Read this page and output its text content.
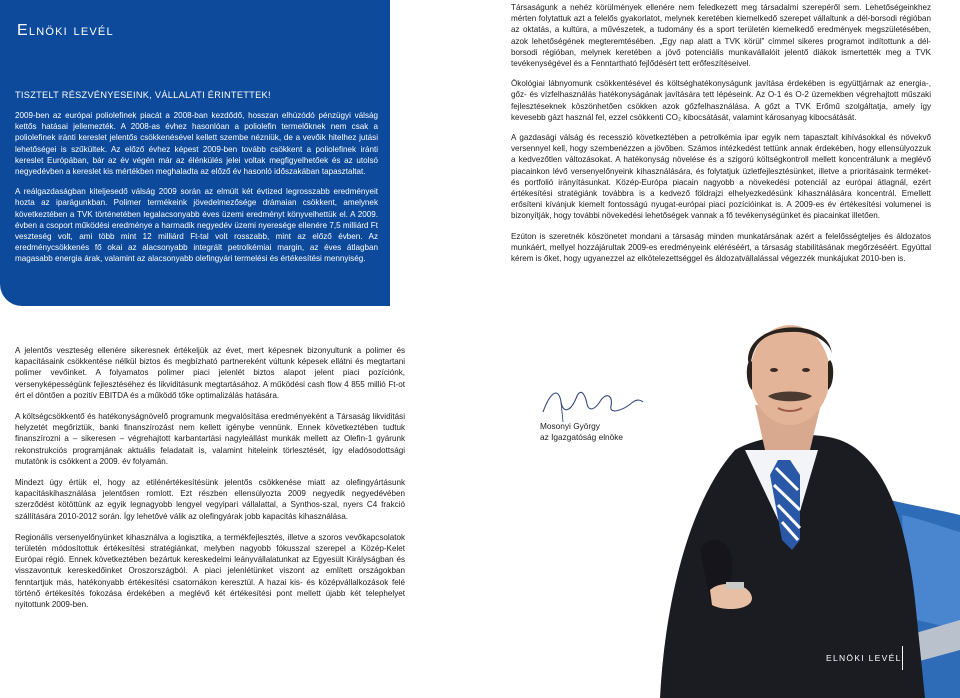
Elnöki levél
TISZTELT RÉSZVÉNYESEINK, VÁLLALATI ÉRINTETTEK!

2009-ben az európai poliolefinek piacát a 2008-ban kezdődő, hosszan elhúzódó pénzügyi válság kettős hatásai jellemezték. A 2008-as évhez hasonlóan a poliolefin termelőknek nem csak a poliolefinek iránti kereslet jelentős csökkenésével kellett szembe nézniük, de a vevőik hitelhez jutási lehetőségei is szűkültek. Az előző évhez képest 2009-ben tovább csökkent a poliolefinek iránti kereslet Európában, bár az év végén már az élénkülés jelei voltak megfigyelhetőek és az utolsó negyedévben a kereslet kis mértékben meghaladta az előző év hasonló időszakában tapasztaltat.

A reálgazdaságban kiteljesedő válság 2009 során az elmúlt két évtized legrosszabb eredményeit hozta az iparágunkban. Polimer termékeink jövedelmezősége drámaian csökkent, amelynek következtében a TVK történetében legalacsonyabb éves üzemi eredményt könyvelhettük el. A 2009. évben a csoport működési eredménye a harmadik negyedév üzemi nyeresége ellenére 7,5 milliárd Ft veszteség volt, ami több mint 12 milliárd Ft-tal volt rosszabb, mint az előző évben. Az eredménycsökkenés fő okai az alacsonyabb integrált petrolkémiai margin, az éves átlagban magasabb energia árak, valamint az alacsonyabb olefingyári termelési és értékesítési mennyiség.

Társaságunk a nehéz körülmények ellenére nem feledkezett meg társadalmi szerepéről sem. Lehetőségeinkhez mérten folytattuk azt a felelős gyakorlatot, melynek keretében kiemelkedő szerepet vállaltunk a dél-borsodi régióban az oktatás, a kultúra, a művészetek, a tudomány és a sport területén kiemelkedő eredmények megszületésében, azok lehetőségének megteremtésében. „Egy nap alatt a TVK körül” címmel sikeres programot indítottunk a dél-borsodi régióban, melynek keretében a jövő potenciális munkavállalóit jelentő diákok ismertették meg a TVK tevékenységével és a Fenntartható fejlődésért tett erőfeszítéseivel.

Ökológiai lábnyomunk csökkentésével és költséghatékonyságunk javítása érdekében is együttjárnak az energia-, gőz- és vízfelhasználás hatékonyságának javítására tett lépéseink. Az O-1 és O-2 üzemekben végrehajtott műszaki fejlesztéseknek köszönhetően csökken azok gőzfelhasználása. A gőzt a TVK Erőmű szolgáltatja, amely így kevesebb gázt használ fel, ezzel csökkenti CO₂ kibocsátását, valamint károsanyag kibocsátását.

A gazdasági válság és recesszió következtében a petrolkémia ipar egyik nem tapasztalt kihívásokkal és növekvő versennyel kell, hogy szembenézzen a jövőben. Számos intézkedést tettünk annak érdekében, hogy ellensúlyozzuk a kedvezőtlen változásokat. A hatékonyság növelése és a szigorú költségkontroll mellett koncentrálunk a meglévő piacainkon lévő versenyelőnyeink kihasználására, és folytatjuk üzletfejlesztésünket, illetve a prioritásaink terméket- és portfolió irányításunkat. Közép-Európa piacain nagyobb a növekedési potenciál az európai átlagnál, ezért értékesítési stratégiánk továbbra is a kedvező földrajzi elhelyezkedésünk kihasználására koncentrál. Emellett erősíteni kívánjuk kiemelt fontosságú nyugat-európai piaci pozícióinkat is. A 2009-es év értékesítési volumenei is bizonyítják, hogy további növekedési lehetőségek vannak a fő tevékenységünket és piacainkat illetően.

Ezúton is szeretnék köszönetet mondani a társaság minden munkatársának azért a felelősségteljes és áldozatos munkáért, mellyel hozzájárultak 2009-es eredményeink eléréséért, a társaság stabilitásának megőrzéséért. Egyúttal kérem is őket, hogy ugyanezzel az elkötelezettséggel és áldozatvállalással végezzék munkájukat 2010-ben is.

A jelentős veszteség ellenére sikeresnek értékeljük az évet, mert képesnek bizonyultunk a polimer és kapacitásaink csökkentése nélkül biztos és megbízható partnereként vúltunk képesek ellátni és megtartani polimer vevőinket. A folyamatos polimer piaci jelenlét biztos alapot jelent piaci pozíciónk, versenyképességünk fejlesztéséhez és likviditásunk megtartásához. A működési cash flow 4 855 millió Ft-ot ért el döntően a pozitív EBITDA és a működő tőke optimalizálás hatására.

A költségcsökkentő és hatékonyságnövelő programunk megvalósítása eredményeként a Társaság likviditási helyzetét megőriztük, banki finanszírozást nem kellett igénybe vennünk. Ennek következtében tudtuk finanszírozni a – sikeresen – végrehajtott karbantartási nagyleállást munkák mellett az Olefin-1 gyárunk rekonstrukciós programjának aktuális feladatait is, valamint hiteleink törlesztését, így eladósodottsági mutatónk is csökkent a 2009. év folyamán.

Mindezt úgy értük el, hogy az etilénértékesítésünk jelentős csökkenése miatt az olefingyártásunk kapacitáskihasználása jelentősen romlott. Ezt részben ellensúlyozta 2009 negyedik negyedévében szerződést kötöttünk az egyik legnagyobb lengyel vegyipari vállalattal, a Synthos-szal, nyers C4 frakció szállítására 2010-2012 során. Így lehetővé válik az olefingyárak jobb kapacitás kihasználása.

Regionális versenyelőnyünket kihasználva a logisztika, a termékfejlesztés, illetve a szoros vevőkapcsolatok területén módosítottuk értékesítési stratégiánkat, melyben nagyobb fókusszal szerepel a Közép-Kelet Európai régió. Ennek következtében bezártuk kereskedelmi leányvállalatunkat az Egyesült Királyságban és visszavontuk kereskedőinket Oroszországból. A piaci jelenlétünket viszont az említett országokban fenntartjuk más, hatékonyabb értékesítési csatornákon keresztül. A hazai kis- és középvállalkozások felé történő értékesítés fokozása érdekében a meglévő két értékesítési pont mellett újabb két telephelyet nyitottunk 2009-ben.

Mosonyi György
az Igazgatóság elnöke
ELNÖKI LEVÉL
